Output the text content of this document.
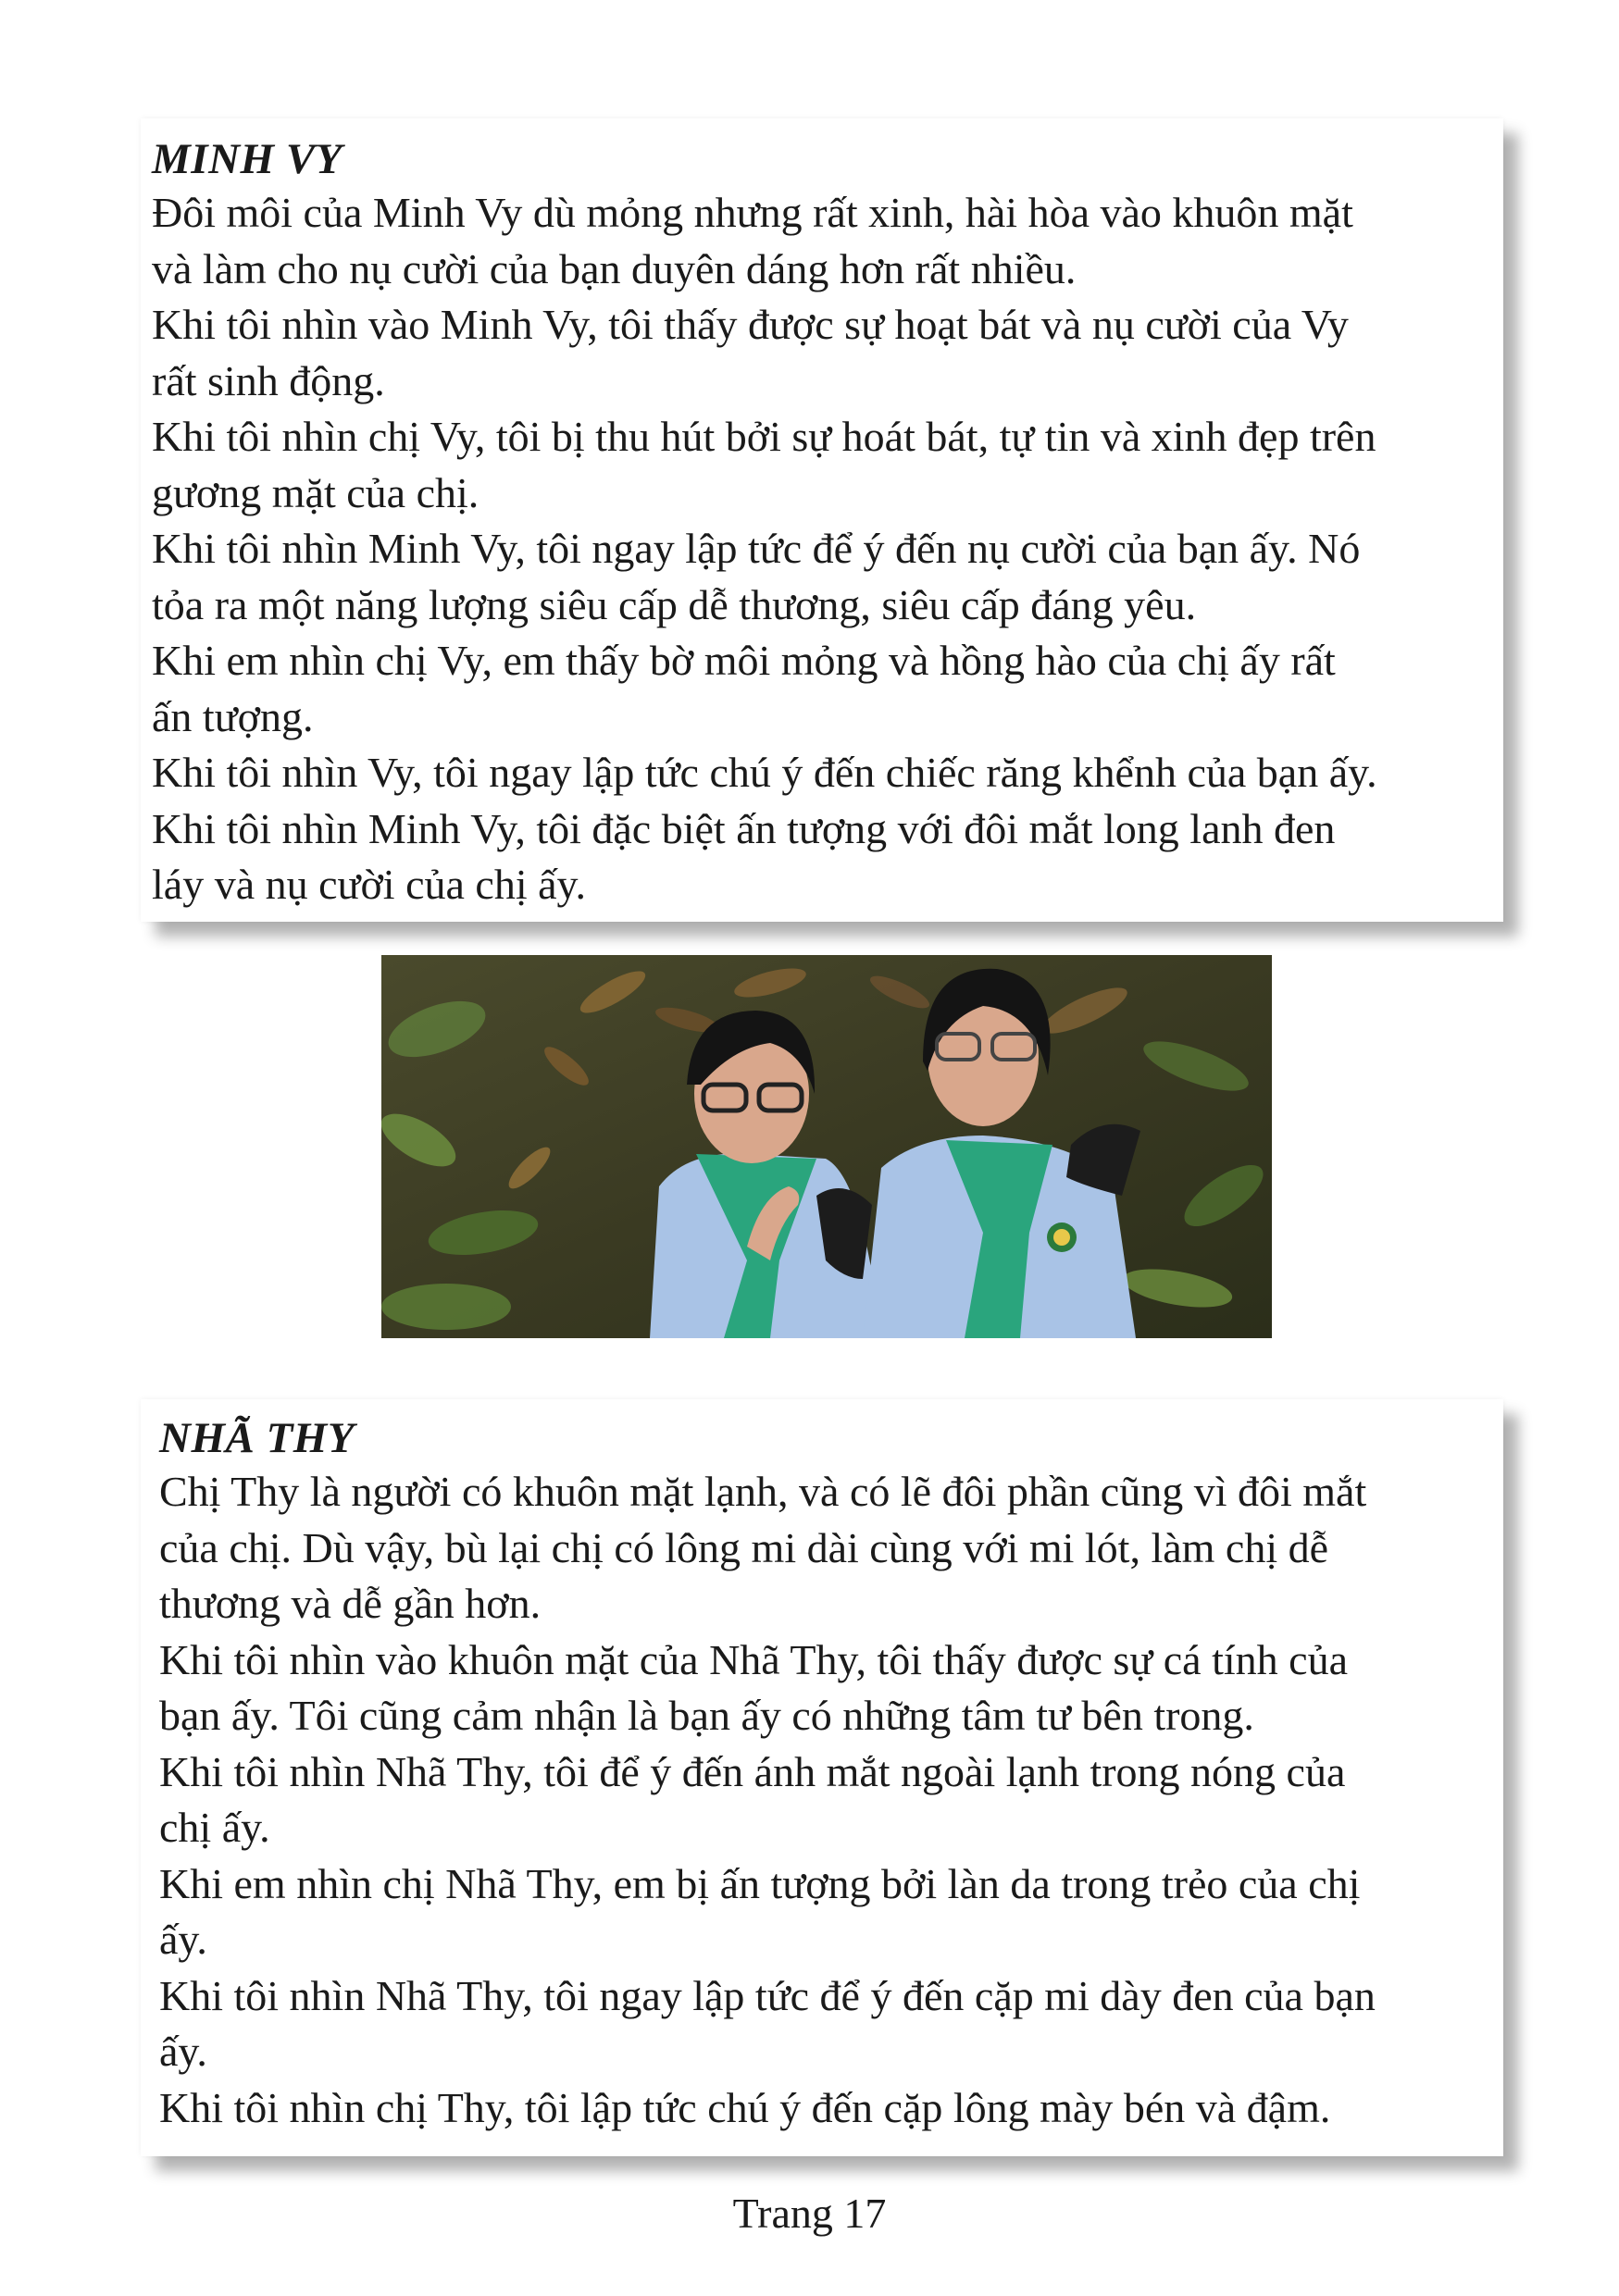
MINH VY

Đôi môi của Minh Vy dù mỏng nhưng rất xinh, hài hòa vào khuôn mặt

và làm cho nụ cười của bạn duyên dáng hơn rất nhiều.

Khi tôi nhìn vào Minh Vy, tôi thấy được sự hoạt bát và nụ cười của Vy

rất sinh động.

Khi tôi nhìn chị Vy, tôi bị thu hút bởi sự hoát bát, tự tin và xinh đẹp trên

gương mặt của chị.

Khi tôi nhìn Minh Vy, tôi ngay lập tức để ý đến nụ cười của bạn ấy. Nó

tỏa ra một năng lượng siêu cấp dễ thương, siêu cấp đáng yêu.

Khi em nhìn chị Vy, em thấy bờ môi mỏng và hồng hào của chị ấy rất

ấn tượng.

Khi tôi nhìn Vy, tôi ngay lập tức chú ý đến chiếc răng khểnh của bạn ấy.

Khi tôi nhìn Minh Vy, tôi đặc biệt ấn tượng với đôi mắt long lanh đen

láy và nụ cười của chị ấy.

NHÃ THY

Chị Thy là người có khuôn mặt lạnh, và có lẽ đôi phần cũng vì đôi mắt

của chị. Dù vậy, bù lại chị có lông mi dài cùng với mi lót, làm chị dễ

thương và dễ gần hơn.

Khi tôi nhìn vào khuôn mặt của Nhã Thy, tôi thấy được sự cá tính của

bạn ấy. Tôi cũng cảm nhận là bạn ấy có những tâm tư bên trong.

Khi tôi nhìn Nhã Thy, tôi để ý đến ánh mắt ngoài lạnh trong nóng của

chị ấy.

Khi em nhìn chị Nhã Thy, em bị ấn tượng bởi làn da trong trẻo của chị

ấy.

Khi tôi nhìn Nhã Thy, tôi ngay lập tức để ý đến cặp mi dày đen của bạn

ấy.

Khi tôi nhìn chị Thy, tôi lập tức chú ý đến cặp lông mày bén và đậm.

Trang 17
